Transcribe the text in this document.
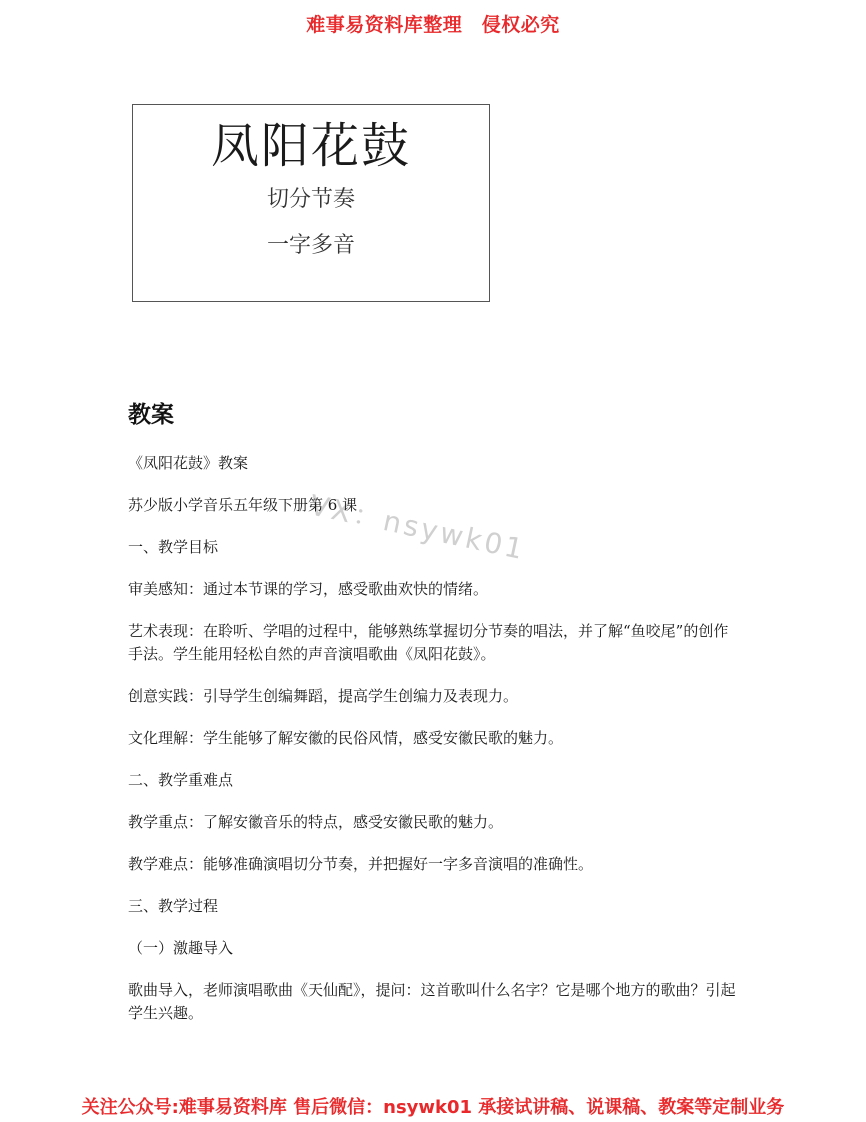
难事易资料库整理　侵权必究
凤阳花鼓
切分节奏
一字多音
教案
VX：nsywk01

《凤阳花鼓》教案

苏少版小学音乐五年级下册第 6 课

一、教学目标

审美感知：通过本节课的学习，感受歌曲欢快的情绪。

艺术表现：在聆听、学唱的过程中，能够熟练掌握切分节奏的唱法，并了解“鱼咬尾”的创作手法。学生能用轻松自然的声音演唱歌曲《凤阳花鼓》。

创意实践：引导学生创编舞蹈，提高学生创编力及表现力。

文化理解：学生能够了解安徽的民俗风情，感受安徽民歌的魅力。

二、教学重难点

教学重点：了解安徽音乐的特点，感受安徽民歌的魅力。

教学难点：能够准确演唱切分节奏，并把握好一字多音演唱的准确性。

三、教学过程

（一）激趣导入

歌曲导入，老师演唱歌曲《天仙配》，提问：这首歌叫什么名字？它是哪个地方的歌曲？引起学生兴趣。

关注公众号:难事易资料库 售后微信：nsywk01 承接试讲稿、说课稿、教案等定制业务
